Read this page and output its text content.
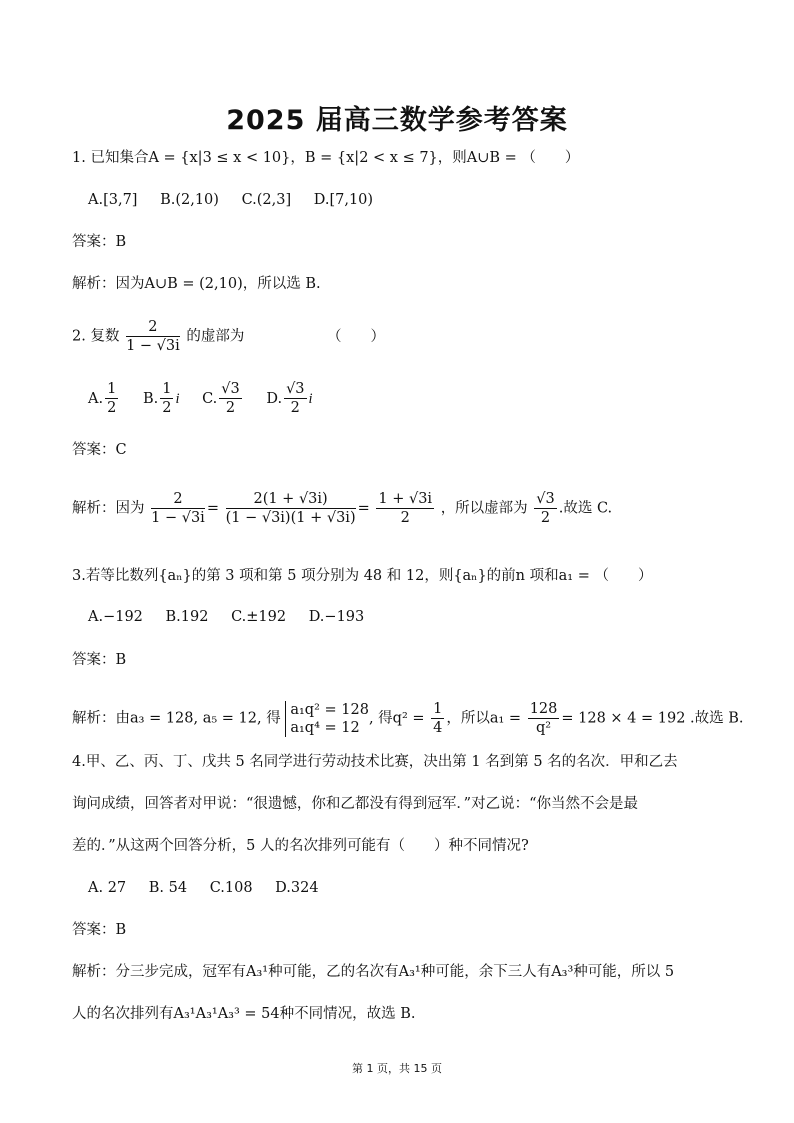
2025 届高三数学参考答案
1. 已知集合A = {x|3 ≤ x < 10}，B = {x|2 < x ≤ 7}，则A∪B = （　　）
A.[3,7] B.(2,10) C.(2,3] D.[7,10)
答案：B
解析：因为A∪B = (2,10)，所以选 B.
2. 复数 $\frac{2}{1 - √3i}$ 的虚部为	（　　）
A. $\frac{1}{2} B$. $\frac{1}{2}$ i C. $\frac{√3}{2} D$. $\frac{√3}{2}$ i
答案：C
解析：因为 $\frac{2}{1 - √3i} = \frac{2(1 + √3i)}{(1 - √3i)(1 + √3i)} = \frac{1 + √3i}{2}$ ，所以虚部为 $\frac{√3}{2}$ .故选 C.
3.若等比数列{aₙ}的第 3 项和第 5 项分别为 48 和 12，则{aₙ}的前n 项和a₁ = （　　）
A.−192 B.192 C.±192 D.−193
答案：B
解析：由a₃ = 128, a₅ = 12, 得
a₁q² = 128
a₁q⁴ = 12
, 得$q^2 = \frac{1}{4}$ ，所以$a_1 = \frac{128}{\text{q²}} = 128 \times 4 = 192$ .故选 B.
4.甲、乙、丙、丁、戊共 5 名同学进行劳动技术比赛，决出第 1 名到第 5 名的名次．甲和乙去
询问成绩，回答者对甲说：“很遗憾，你和乙都没有得到冠军．”对乙说：“你当然不会是最
差的．”从这两个回答分析，5 人的名次排列可能有（　　）种不同情况?
A. 27 B. 54 C.108 D.324
答案：B
解析：分三步完成，冠军有A₃¹种可能，乙的名次有A₃¹种可能，余下三人有A₃³种可能，所以 5
人的名次排列有A₃¹A₃¹A₃³ = 54种不同情况，故选 B.
第 1 页，共 15 页
